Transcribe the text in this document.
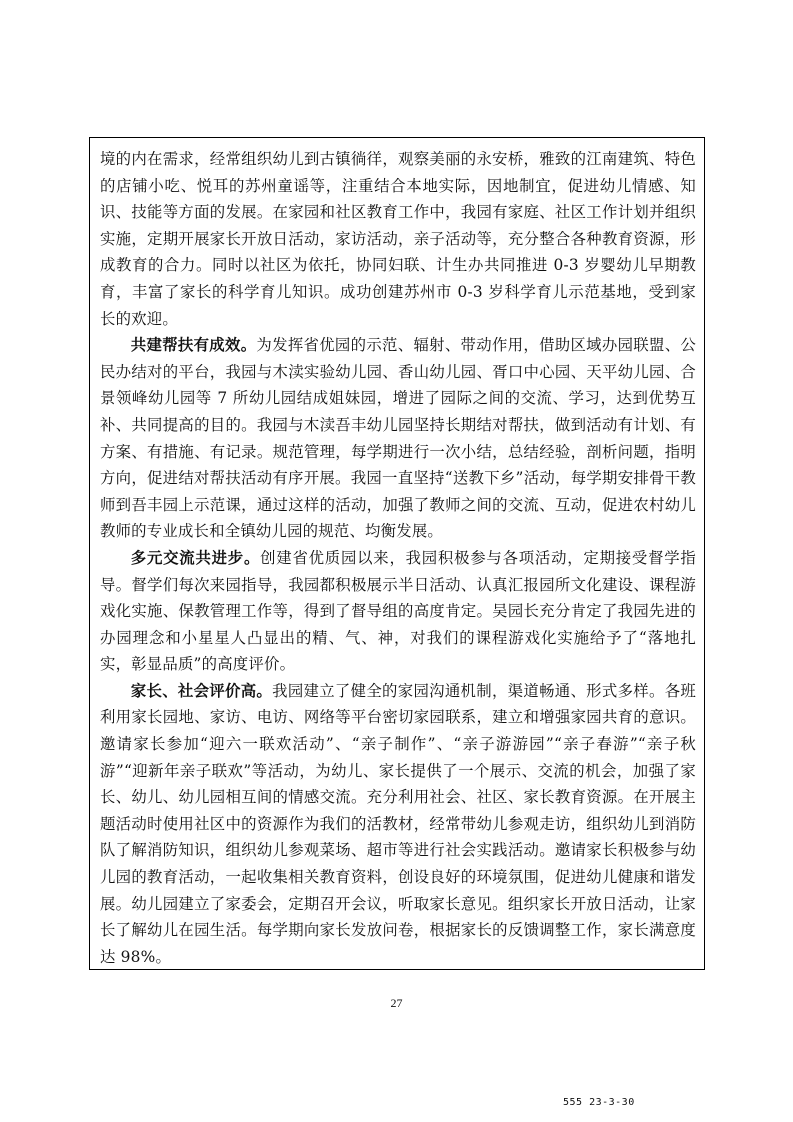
境的内在需求，经常组织幼儿到古镇徜徉，观察美丽的永安桥，雅致的江南建筑、特色的店铺小吃、悦耳的苏州童谣等，注重结合本地实际，因地制宜，促进幼儿情感、知识、技能等方面的发展。在家园和社区教育工作中，我园有家庭、社区工作计划并组织实施，定期开展家长开放日活动，家访活动，亲子活动等，充分整合各种教育资源，形成教育的合力。同时以社区为依托，协同妇联、计生办共同推进 0-3 岁婴幼儿早期教育，丰富了家长的科学育儿知识。成功创建苏州市 0-3 岁科学育儿示范基地，受到家长的欢迎。

共建帮扶有成效。为发挥省优园的示范、辐射、带动作用，借助区域办园联盟、公民办结对的平台，我园与木渎实验幼儿园、香山幼儿园、胥口中心园、天平幼儿园、合景领峰幼儿园等 7 所幼儿园结成姐妹园，增进了园际之间的交流、学习，达到优势互补、共同提高的目的。我园与木渎吾丰幼儿园坚持长期结对帮扶，做到活动有计划、有方案、有措施、有记录。规范管理，每学期进行一次小结，总结经验，剖析问题，指明方向，促进结对帮扶活动有序开展。我园一直坚持“送教下乡”活动，每学期安排骨干教师到吾丰园上示范课，通过这样的活动，加强了教师之间的交流、互动，促进农村幼儿教师的专业成长和全镇幼儿园的规范、均衡发展。

多元交流共进步。创建省优质园以来，我园积极参与各项活动，定期接受督学指导。督学们每次来园指导，我园都积极展示半日活动、认真汇报园所文化建设、课程游戏化实施、保教管理工作等，得到了督导组的高度肯定。吴园长充分肯定了我园先进的办园理念和小星星人凸显出的精、气、神，对我们的课程游戏化实施给予了“落地扎实，彰显品质”的高度评价。

家长、社会评价高。我园建立了健全的家园沟通机制，渠道畅通、形式多样。各班利用家长园地、家访、电访、网络等平台密切家园联系，建立和增强家园共育的意识。邀请家长参加“迎六一联欢活动”、“亲子制作”、“亲子游游园”“亲子春游”“亲子秋游”“迎新年亲子联欢”等活动，为幼儿、家长提供了一个展示、交流的机会，加强了家长、幼儿、幼儿园相互间的情感交流。充分利用社会、社区、家长教育资源。在开展主题活动时使用社区中的资源作为我们的活教材，经常带幼儿参观走访，组织幼儿到消防队了解消防知识，组织幼儿参观菜场、超市等进行社会实践活动。邀请家长积极参与幼儿园的教育活动，一起收集相关教育资料，创设良好的环境氛围，促进幼儿健康和谐发展。幼儿园建立了家委会，定期召开会议，听取家长意见。组织家长开放日活动，让家长了解幼儿在园生活。每学期向家长发放问卷，根据家长的反馈调整工作，家长满意度达 98%。

27
555 23-3-30
